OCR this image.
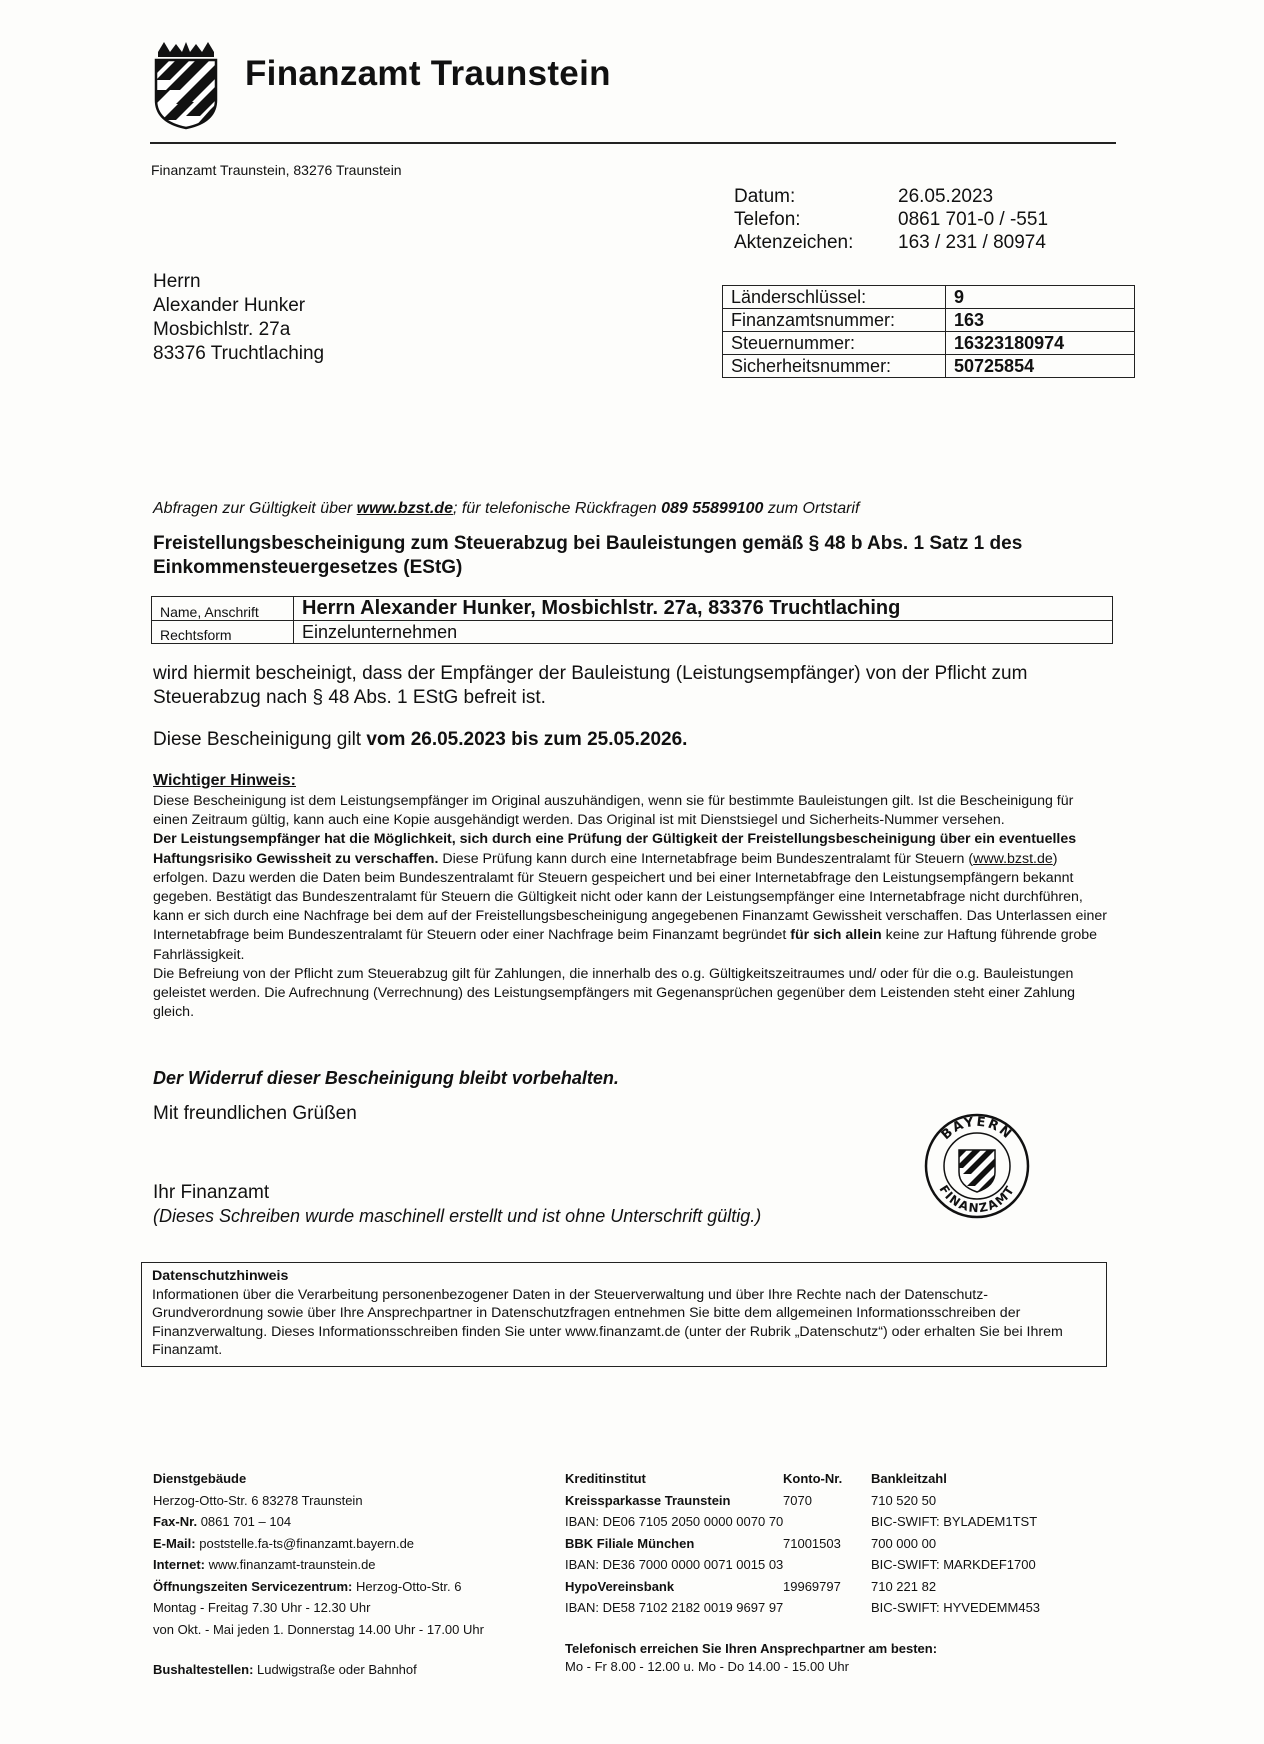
Finanzamt Traunstein
Finanzamt Traunstein, 83276 Traunstein
Datum:	26.05.2023
Telefon:	0861 701-0 / -551
Aktenzeichen:	163 / 231 / 80974
Herrn
Alexander Hunker
Mosbichlstr. 27a
83376 Truchtlaching
Länderschlüssel:	9
Finanzamtsnummer:	163
Steuernummer:	16323180974
Sicherheitsnummer:	50725854
Abfragen zur Gültigkeit über www.bzst.de; für telefonische Rückfragen 089 55899100 zum Ortstarif
Freistellungsbescheinigung zum Steuerabzug bei Bauleistungen gemäß § 48 b Abs. 1 Satz 1 des Einkommensteuergesetzes (EStG)
Name, Anschrift	Herrn Alexander Hunker, Mosbichlstr. 27a, 83376 Truchtlaching
Rechtsform	Einzelunternehmen
wird hiermit bescheinigt, dass der Empfänger der Bauleistung (Leistungsempfänger) von der Pflicht zum Steuerabzug nach § 48 Abs. 1 EStG befreit ist.
Diese Bescheinigung gilt vom 26.05.2023 bis zum 25.05.2026.
Wichtiger Hinweis:

Diese Bescheinigung ist dem Leistungsempfänger im Original auszuhändigen, wenn sie für bestimmte Bauleistungen gilt. Ist die Bescheinigung für einen Zeitraum gültig, kann auch eine Kopie ausgehändigt werden. Das Original ist mit Dienstsiegel und Sicherheits-Nummer versehen.

Der Leistungsempfänger hat die Möglichkeit, sich durch eine Prüfung der Gültigkeit der Freistellungsbescheinigung über ein eventuelles Haftungsrisiko Gewissheit zu verschaffen. Diese Prüfung kann durch eine Internetabfrage beim Bundeszentralamt für Steuern (www.bzst.de) erfolgen. Dazu werden die Daten beim Bundeszentralamt für Steuern gespeichert und bei einer Internetabfrage den Leistungsempfängern bekannt gegeben. Bestätigt das Bundeszentralamt für Steuern die Gültigkeit nicht oder kann der Leistungsempfänger eine Internetabfrage nicht durchführen, kann er sich durch eine Nachfrage bei dem auf der Freistellungsbescheinigung angegebenen Finanzamt Gewissheit verschaffen. Das Unterlassen einer Internetabfrage beim Bundeszentralamt für Steuern oder einer Nachfrage beim Finanzamt begründet für sich allein keine zur Haftung führende grobe Fahrlässigkeit.

Die Befreiung von der Pflicht zum Steuerabzug gilt für Zahlungen, die innerhalb des o.g. Gültigkeitszeitraumes und/ oder für die o.g. Bauleistungen geleistet werden. Die Aufrechnung (Verrechnung) des Leistungsempfängers mit Gegenansprüchen gegenüber dem Leistenden steht einer Zahlung gleich.

Der Widerruf dieser Bescheinigung bleibt vorbehalten.
Mit freundlichen Grüßen
BAYERN
FINANZAMT
Ihr Finanzamt
(Dieses Schreiben wurde maschinell erstellt und ist ohne Unterschrift gültig.)
Datenschutzhinweis
Informationen über die Verarbeitung personenbezogener Daten in der Steuerverwaltung und über Ihre Rechte nach der Datenschutz-Grundverordnung sowie über Ihre Ansprechpartner in Datenschutzfragen entnehmen Sie bitte dem allgemeinen Informationsschreiben der Finanzverwaltung. Dieses Informationsschreiben finden Sie unter www.finanzamt.de (unter der Rubrik „Datenschutz“) oder erhalten Sie bei Ihrem Finanzamt.
Dienstgebäude
Herzog-Otto-Str. 6 83278 Traunstein
Fax-Nr. 0861 701 – 104
E-Mail: poststelle.fa-ts@finanzamt.bayern.de
Internet: www.finanzamt-traunstein.de
Öffnungszeiten Servicezentrum: Herzog-Otto-Str. 6
Montag - Freitag 7.30 Uhr - 12.30 Uhr
von Okt. - Mai jeden 1. Donnerstag 14.00 Uhr - 17.00 Uhr
Bushaltestellen: Ludwigstraße oder Bahnhof
Kreditinstitut	Konto-Nr.	Bankleitzahl
Kreissparkasse Traunstein	7070	710 520 50
IBAN: DE06 7105 2050 0000 0070 70	BIC-SWIFT: BYLADEM1TST
BBK Filiale München	71001503	700 000 00
IBAN: DE36 7000 0000 0071 0015 03	BIC-SWIFT: MARKDEF1700
HypoVereinsbank	19969797	710 221 82
IBAN: DE58 7102 2182 0019 9697 97	BIC-SWIFT: HYVEDEMM453
Telefonisch erreichen Sie Ihren Ansprechpartner am besten:
Mo - Fr 8.00 - 12.00 u. Mo - Do 14.00 - 15.00 Uhr
